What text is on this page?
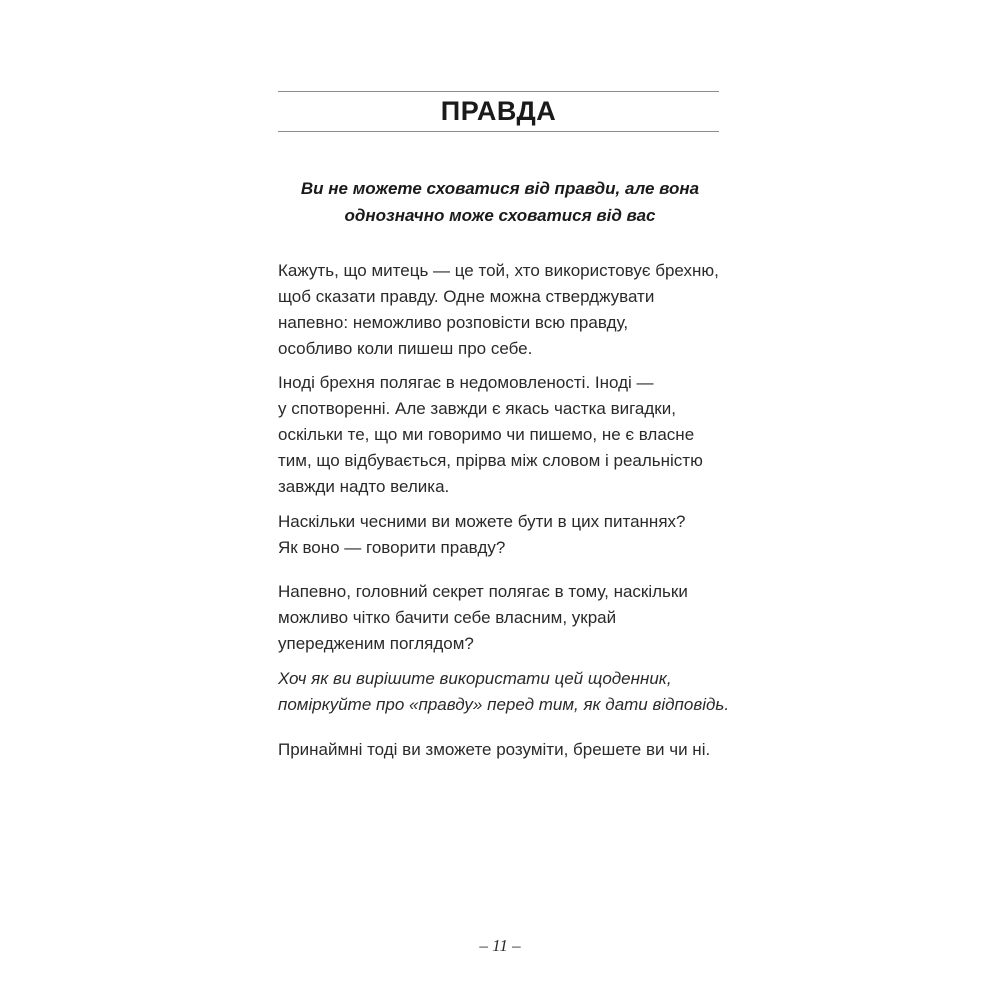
ПРАВДА
Ви не можете сховатися від правди, але вона
однозначно може сховатися від вас
Кажуть, що митець — це той, хто використовує брехню,
щоб сказати правду. Одне можна стверджувати
напевно: неможливо розповісти всю правду,
особливо коли пишеш про себе.
Іноді брехня полягає в недомовленості. Іноді —
у спотворенні. Але завжди є якась частка вигадки,
оскільки те, що ми говоримо чи пишемо, не є власне
тим, що відбувається, прірва між словом і реальністю
завжди надто велика.
Наскільки чесними ви можете бути в цих питаннях?
Як воно — говорити правду?
Напевно, головний секрет полягає в тому, наскільки
можливо чітко бачити себе власним, украй
упередженим поглядом?
Хоч як ви вирішите використати цей щоденник,
поміркуйте про «правду» перед тим, як дати відповідь.
Принаймні тоді ви зможете розуміти, брешете ви чи ні.
– 11 –
